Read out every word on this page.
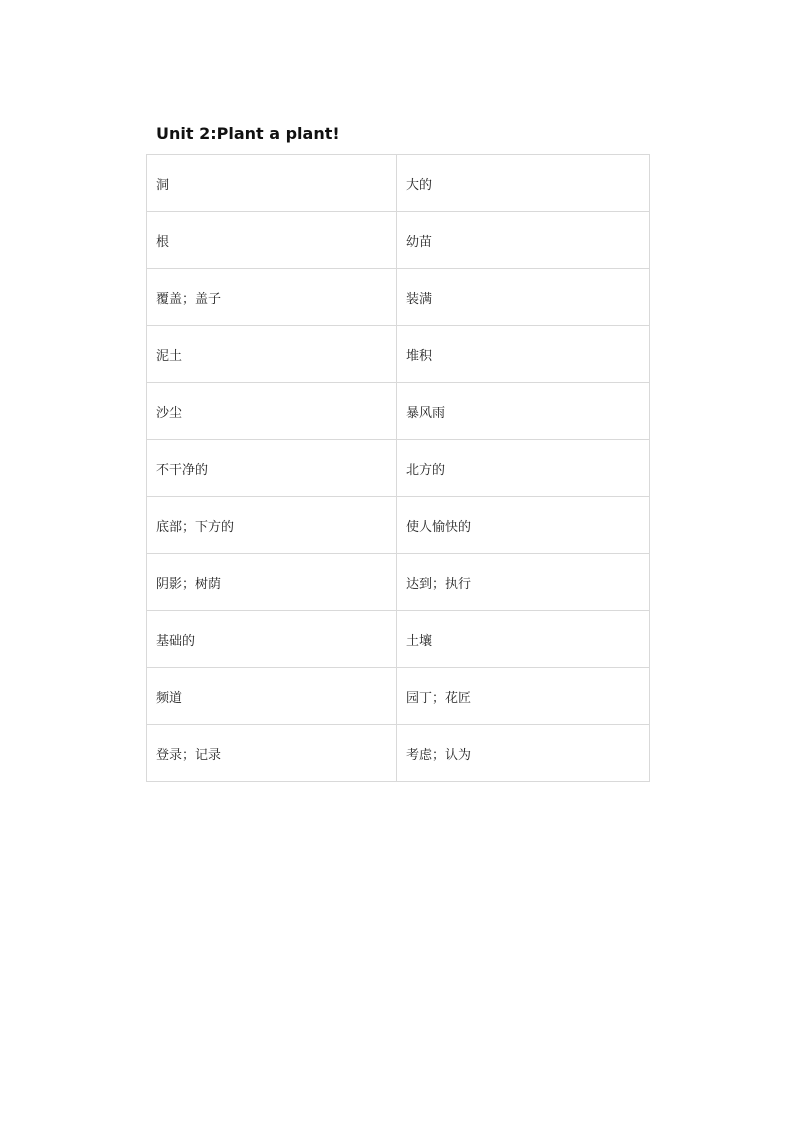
Unit 2:Plant a plant!
洞	大的
根	幼苗
覆盖；盖子	装满
泥土	堆积
沙尘	暴风雨
不干净的	北方的
底部；下方的	使人愉快的
阴影；树荫	达到；执行
基础的	土壤
频道	园丁；花匠
登录；记录	考虑；认为
